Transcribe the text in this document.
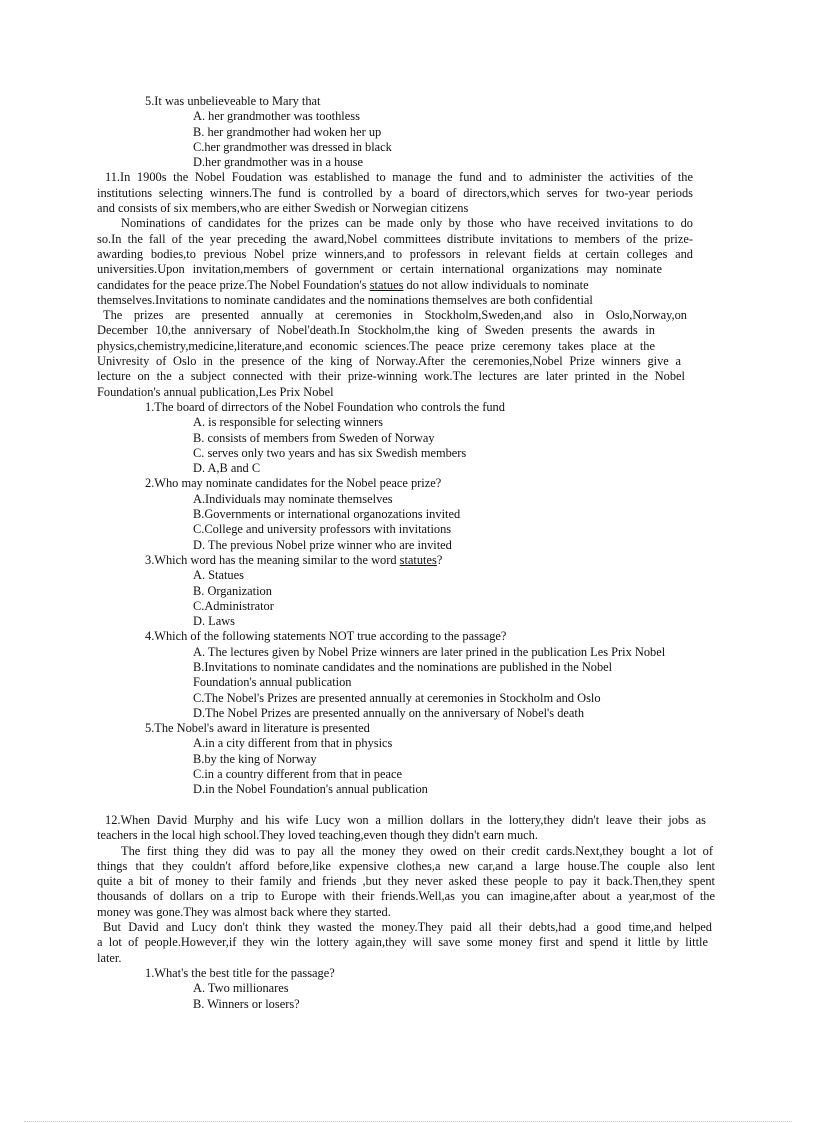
5.It was unbelieveable to Mary that
A. her grandmother was toothless
B. her grandmother had woken her up
C.her grandmother was dressed in black
D.her grandmother was in a house
11.In 1900s the Nobel Foudation was established to manage the fund and to administer the activities of the
institutions selecting winners.The fund is controlled by a board of directors,which serves for two-year periods
and consists of six members,who are either Swedish or Norwegian citizens
Nominations of candidates for the prizes can be made only by those who have received invitations to do
so.In the fall of the year preceding the award,Nobel committees distribute invitations to members of the prize-
awarding bodies,to previous Nobel prize winners,and to professors in relevant fields at certain colleges and
universities.Upon invitation,members of government or certain international organizations may nominate
candidates for the peace prize.The Nobel Foundation's statues do not allow individuals to nominate
themselves.Invitations to nominate candidates and the nominations themselves are both confidential
The prizes are presented annually at ceremonies in Stockholm,Sweden,and also in Oslo,Norway,on
December 10,the anniversary of Nobel'death.In Stockholm,the king of Sweden presents the awards in
physics,chemistry,medicine,literature,and economic sciences.The peace prize ceremony takes place at the
Univresity of Oslo in the presence of the king of Norway.After the ceremonies,Nobel Prize winners give a
lecture on the a subject connected with their prize-winning work.The lectures are later printed in the Nobel
Foundation's annual publication,Les Prix Nobel
1.The board of dirrectors of the Nobel Foundation who controls the fund
A. is responsible for selecting winners
B. consists of members from Sweden of Norway
C. serves only two years and has six Swedish members
D. A,B and C
2.Who may nominate candidates for the Nobel peace prize?
A.Individuals may nominate themselves
B.Governments or international organozations invited
C.College and university professors with invitations
D. The previous Nobel prize winner who are invited
3.Which word has the meaning similar to the word statutes?
A. Statues
B. Organization
C.Administrator
D. Laws
4.Which of the following statements NOT true according to the passage?
A. The lectures given by Nobel Prize winners are later prined in the publication Les Prix Nobel
B.Invitations to nominate candidates and the nominations are published in the Nobel
Foundation's annual publication
C.The Nobel's Prizes are presented annually at ceremonies in Stockholm and Oslo
D.The Nobel Prizes are presented annually on the anniversary of Nobel's death
5.The Nobel's award in literature is presented
A.in a city different from that in physics
B.by the king of Norway
C.in a country different from that in peace
D.in the Nobel Foundation's annual publication
12.When David Murphy and his wife Lucy won a million dollars in the lottery,they didn't leave their jobs as
teachers in the local high school.They loved teaching,even though they didn't earn much.
The first thing they did was to pay all the money they owed on their credit cards.Next,they bought a lot of
things that they couldn't afford before,like expensive clothes,a new car,and a large house.The couple also lent
quite a bit of money to their family and friends ,but they never asked these people to pay it back.Then,they spent
thousands of dollars on a trip to Europe with their friends.Well,as you can imagine,after about a year,most of the
money was gone.They was almost back where they started.
But David and Lucy don't think they wasted the money.They paid all their debts,had a good time,and helped
a lot of people.However,if they win the lottery again,they will save some money first and spend it little by little
later.
1.What's the best title for the passage?
A. Two millionares
B. Winners or losers?
